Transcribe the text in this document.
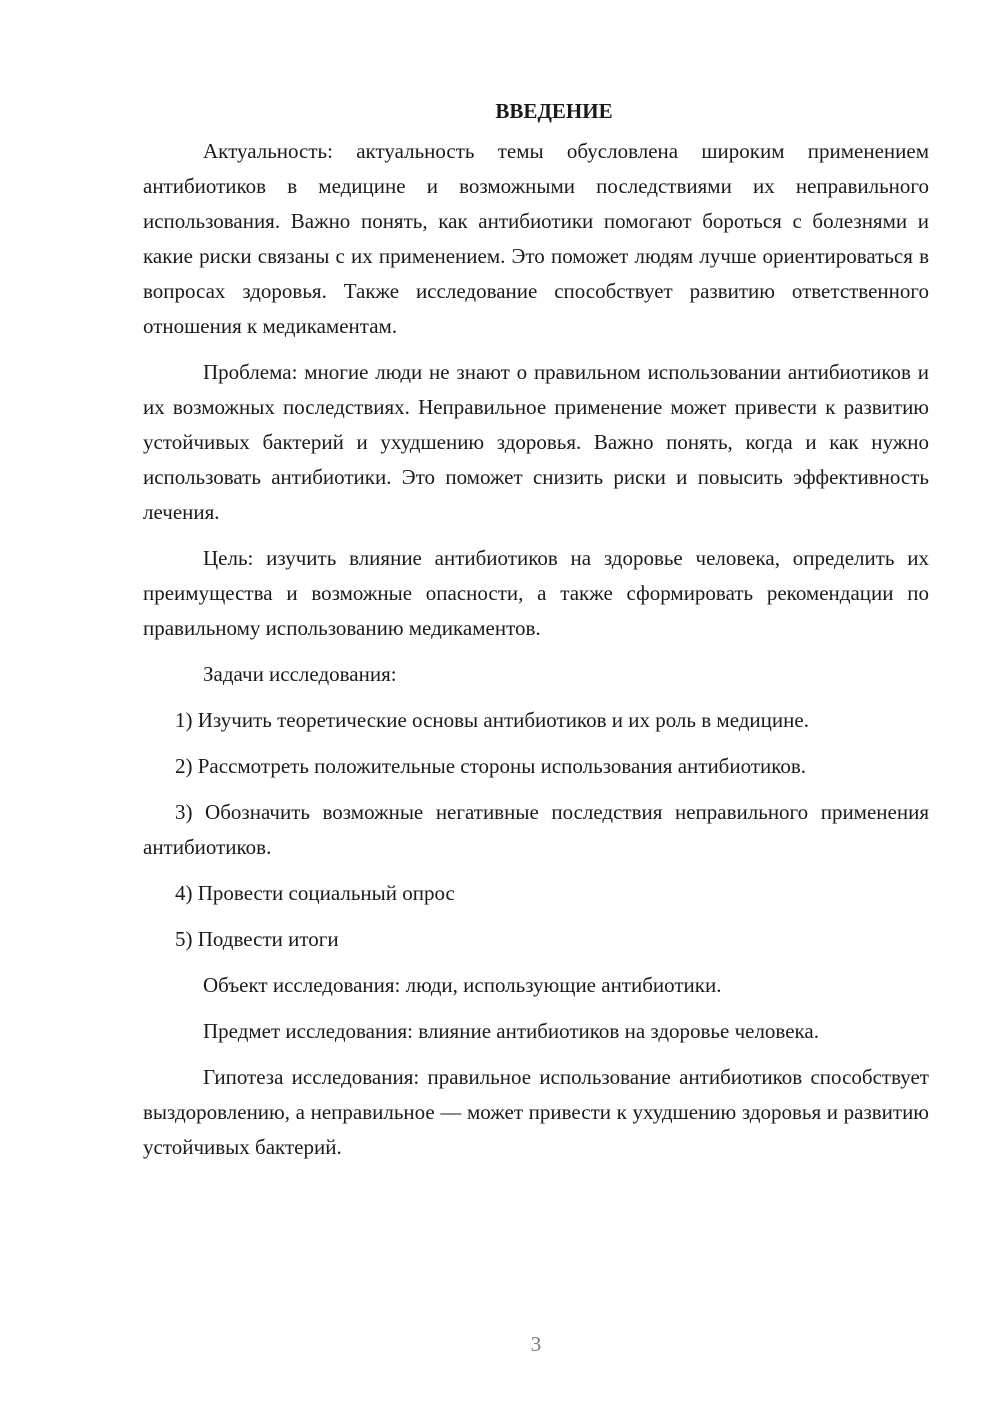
ВВЕДЕНИЕ

Актуальность: актуальность темы обусловлена широким применением антибиотиков в медицине и возможными последствиями их неправильного использования. Важно понять, как антибиотики помогают бороться с болезнями и какие риски связаны с их применением. Это поможет людям лучше ориентироваться в вопросах здоровья. Также исследование способствует развитию ответственного отношения к медикаментам.

Проблема: многие люди не знают о правильном использовании антибиотиков и их возможных последствиях. Неправильное применение может привести к развитию устойчивых бактерий и ухудшению здоровья. Важно понять, когда и как нужно использовать антибиотики. Это поможет снизить риски и повысить эффективность лечения.

Цель: изучить влияние антибиотиков на здоровье человека, определить их преимущества и возможные опасности, а также сформировать рекомендации по правильному использованию медикаментов.

Задачи исследования:

1) Изучить теоретические основы антибиотиков и их роль в медицине.

2) Рассмотреть положительные стороны использования антибиотиков.

3) Обозначить возможные негативные последствия неправильного применения антибиотиков.

4) Провести социальный опрос

5) Подвести итоги

Объект исследования: люди, использующие антибиотики.

Предмет исследования: влияние антибиотиков на здоровье человека.

Гипотеза исследования: правильное использование антибиотиков способствует выздоровлению, а неправильное — может привести к ухудшению здоровья и развитию устойчивых бактерий.

3
